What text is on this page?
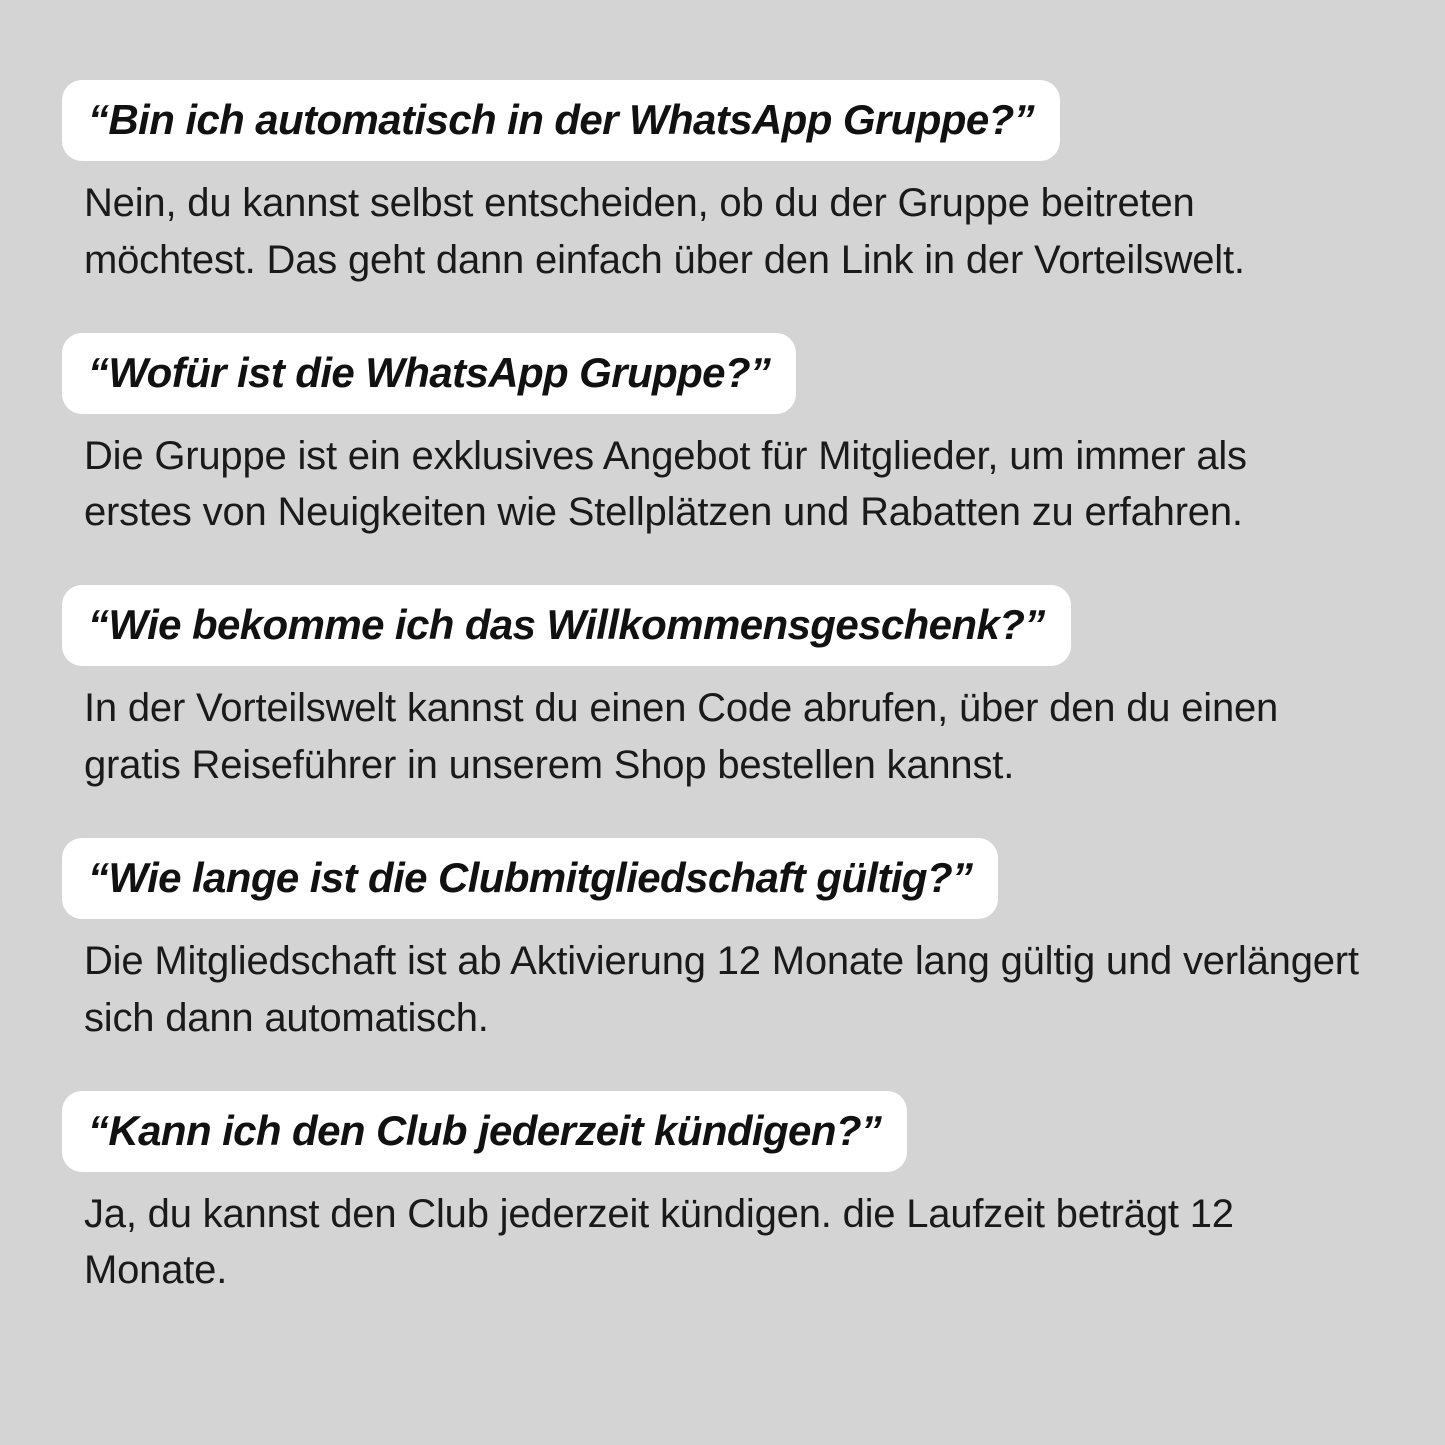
“Bin ich automatisch in der WhatsApp Gruppe?”

Nein, du kannst selbst entscheiden, ob du der Gruppe beitreten möchtest. Das geht dann einfach über den Link in der Vorteilswelt.

“Wofür ist die WhatsApp Gruppe?”

Die Gruppe ist ein exklusives Angebot für Mitglieder, um immer als erstes von Neuigkeiten wie Stellplätzen und Rabatten zu erfahren.

“Wie bekomme ich das Willkommensgeschenk?”

In der Vorteilswelt kannst du einen Code abrufen, über den du einen gratis Reiseführer in unserem Shop bestellen kannst.

“Wie lange ist die Clubmitgliedschaft gültig?”

Die Mitgliedschaft ist ab Aktivierung 12 Monate lang gültig und verlängert sich dann automatisch.

“Kann ich den Club jederzeit kündigen?”

Ja, du kannst den Club jederzeit kündigen. die Laufzeit beträgt 12 Monate.
